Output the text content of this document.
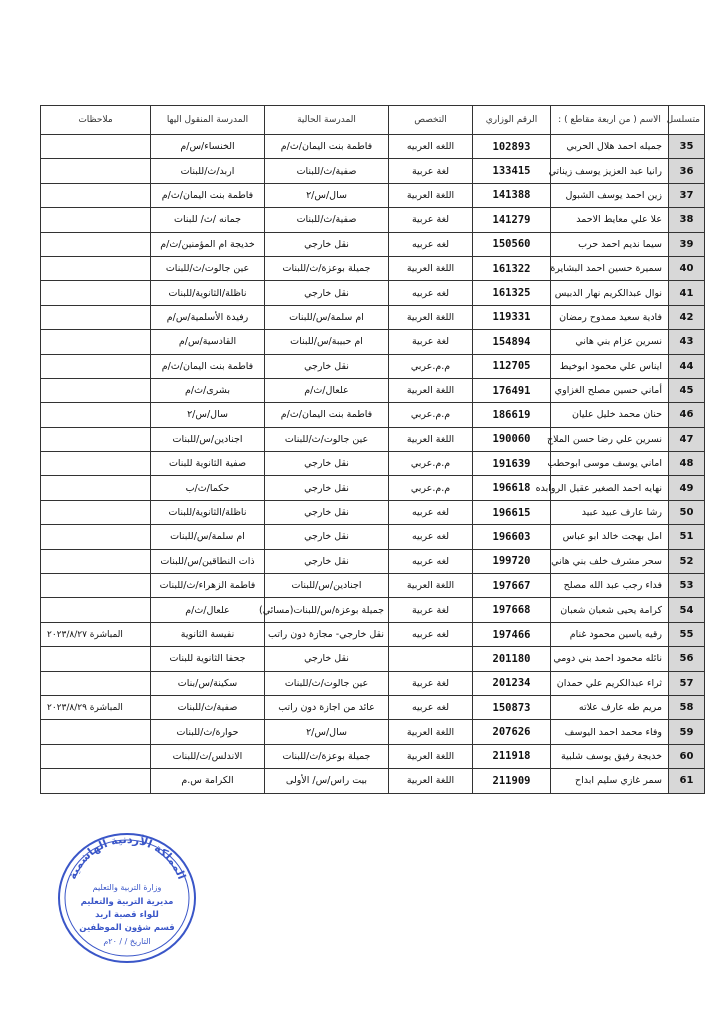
متسلسل	الاسم ( من اربعة مقاطع ) :	الرقم الوزاري	التخصص	المدرسة الحالية	المدرسة المنقول اليها	ملاحظات
35	جميله احمد هلال الحربي	102893	اللغه العربيه	فاطمة بنت اليمان/ث/م	الخنساء/س/م	
36	رانيا عبد العزيز يوسف زيناتي	133415	لغة عربية	صفية/ث/للبنات	اربد/ث/للبنات	
37	زين احمد يوسف الشبول	141388	اللغة العربية	سال/س/٢	فاطمة بنت اليمان/ث/م	
38	علا علي معايط الاحمد	141279	لغة عربية	صفية/ث/للبنات	جمانه /ث/ للبنات	
39	سيما نديم احمد حرب	150560	لغه عربيه	نقل خارجي	خديجة ام المؤمنين/ث/م	
40	سميرة حسين احمد البشايرة	161322	اللغة العربية	جميلة بوعزة/ث/للبنات	عين جالوت/ث/للبنات	
41	نوال عبدالكريم نهار الدبيس	161325	لغه عربيه	نقل خارجي	ناظلة/الثانوية/للبنات	
42	فادية سعيد ممدوح رمضان	119331	اللغة العربية	ام سلمة/س/للبنات	رفيدة الأسلمية/س/م	
43	نسرين عزام بني هاني	154894	لغة عربية	ام حبيبة/س/للبنات	القادسية/س/م	
44	ايناس علي محمود ابوخيط	112705	م.م.عربي	نقل خارجي	فاطمة بنت اليمان/ث/م	
45	أماني حسين مصلح الغزاوي	176491	اللغة العربية	علعال/ث/م	بشرى/ث/م	
46	حنان محمد خليل عليان	186619	م.م.عربي	فاطمة بنت اليمان/ث/م	سال/س/٢	
47	نسرين علي رضا حسن الملاح	190060	اللغة العربية	عين جالوت/ث/للبنات	اجنادين/س/للبنات	
48	اماني يوسف موسى ابوحطب	191639	م.م.عربي	نقل خارجي	صفية الثانوية للبنات	
49	نهايه احمد الصغير عقيل الروابده	196618	م.م.عربي	نقل خارجي	حكما/ث/ب	
50	رشا عارف عبيد عبيد	196615	لغه عربيه	نقل خارجي	ناظلة/الثانوية/للبنات	
51	امل بهجت خالد ابو عباس	196603	لغه عربيه	نقل خارجي	ام سلمة/س/للبنات	
52	سحر مشرف خلف بني هاني	199720	لغه عربيه	نقل خارجي	ذات النطاقين/س/للبنات	
53	فداء رجب عبد الله مصلح	197667	اللغة العربية	اجنادين/س/للبنات	فاطمة الزهراء/ث/للبنات	
54	كرامة يحيى شعبان شعبان	197668	لغة عربية	جميلة بوعزة/س/للبنات(مسائي)	علعال/ث/م	
55	رقيه ياسين محمود غنام	197466	لغه عربيه	نقل خارجي- مجازة دون راتب	نفيسة الثانوية	المباشرة ٢٠٢٣/٨/٢٧
56	نائله محمود احمد بني دومي	201180		نقل خارجي	جحفا الثانوية للبنات	
57	ثراء عبدالكريم علي حمدان	201234	لغة عربية	عين جالوت/ث/للبنات	سكينة/س/بنات	
58	مريم طه عارف علاته	150873	لغه عربيه	عائد من اجازة دون راتب	صفية/ث/للبنات	المباشرة ٢٠٢٣/٨/٢٩
59	وفاء محمد احمد اليوسف	207626	اللغة العربية	سال/س/٢	حوارة/ث/للبنات	
60	خديجة رفيق يوسف شلبية	211918	اللغة العربية	جميلة بوعزة/ث/للبنات	الاندلس/ث/للبنات	
61	سمر غازي سليم ابداح	211909	اللغة العربية	بيت راس/س/ الأولى	الكرامة س.م	
المملكة الأردنية الهاشمية
وزارة التربية والتعليم
مديرية التربية والتعليم
للواء قصبة اربد
قسم شؤون الموظفين
التاريخ / / ٢٠م
